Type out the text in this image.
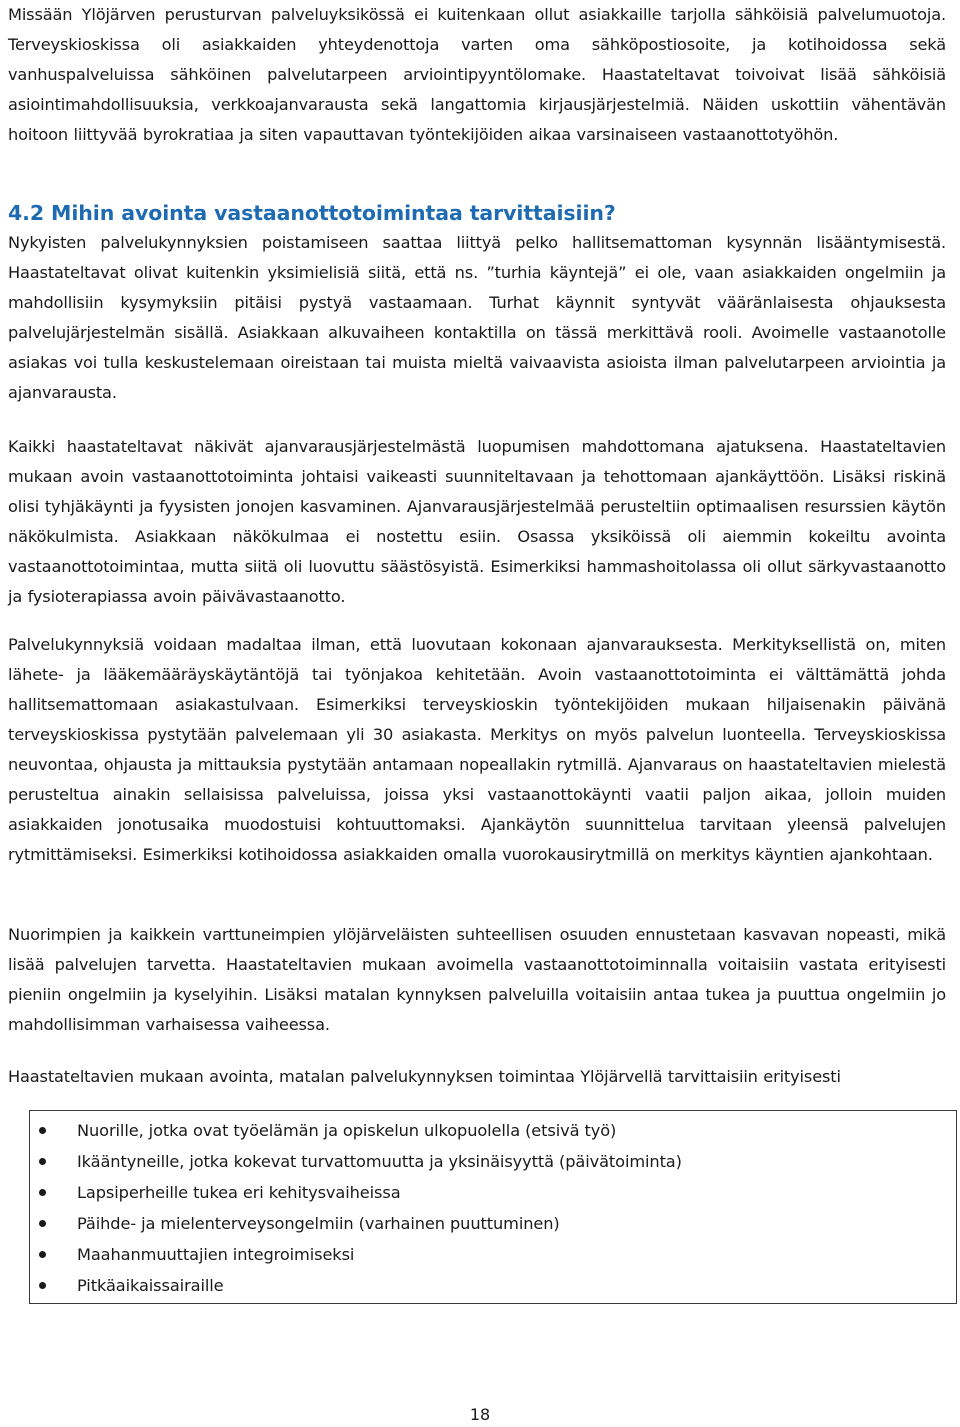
Missään Ylöjärven perusturvan palveluyksikössä ei kuitenkaan ollut asiakkaille tarjolla sähköisiä palvelumuotoja. Terveyskioskissa oli asiakkaiden yhteydenottoja varten oma sähköpostiosoite, ja kotihoidossa sekä vanhuspalveluissa sähköinen palvelutarpeen arviointipyyntölomake. Haastateltavat toivoivat lisää sähköisiä asiointimahdollisuuksia, verkkoajanvarausta sekä langattomia kirjausjärjestelmiä. Näiden uskottiin vähentävän hoitoon liittyvää byrokratiaa ja siten vapauttavan työntekijöiden aikaa varsinaiseen vastaanottotyöhön.

4.2 Mihin avointa vastaanottotoimintaa tarvittaisiin?

Nykyisten palvelukynnyksien poistamiseen saattaa liittyä pelko hallitsemattoman kysynnän lisääntymisestä. Haastateltavat olivat kuitenkin yksimielisiä siitä, että ns. ”turhia käyntejä” ei ole, vaan asiakkaiden ongelmiin ja mahdollisiin kysymyksiin pitäisi pystyä vastaamaan. Turhat käynnit syntyvät vääränlaisesta ohjauksesta palvelujärjestelmän sisällä. Asiakkaan alkuvaiheen kontaktilla on tässä merkittävä rooli. Avoimelle vastaanotolle asiakas voi tulla keskustelemaan oireistaan tai muista mieltä vaivaavista asioista ilman palvelutarpeen arviointia ja ajanvarausta.

Kaikki haastateltavat näkivät ajanvarausjärjestelmästä luopumisen mahdottomana ajatuksena. Haastateltavien mukaan avoin vastaanottotoiminta johtaisi vaikeasti suunniteltavaan ja tehottomaan ajankäyttöön. Lisäksi riskinä olisi tyhjäkäynti ja fyysisten jonojen kasvaminen. Ajanvarausjärjestelmää perusteltiin optimaalisen resurssien käytön näkökulmista. Asiakkaan näkökulmaa ei nostettu esiin. Osassa yksiköissä oli aiemmin kokeiltu avointa vastaanottotoimintaa, mutta siitä oli luovuttu säästösyistä. Esimerkiksi hammashoitolassa oli ollut särkyvastaanotto ja fysioterapiassa avoin päivävastaanotto.

Palvelukynnyksiä voidaan madaltaa ilman, että luovutaan kokonaan ajanvarauksesta. Merkityksellistä on, miten lähete- ja lääkemääräyskäytäntöjä tai työnjakoa kehitetään. Avoin vastaanottotoiminta ei välttämättä johda hallitsemattomaan asiakastulvaan. Esimerkiksi terveyskioskin työntekijöiden mukaan hiljaisenakin päivänä terveyskioskissa pystytään palvelemaan yli 30 asiakasta. Merkitys on myös palvelun luonteella. Terveyskioskissa neuvontaa, ohjausta ja mittauksia pystytään antamaan nopeallakin rytmillä. Ajanvaraus on haastateltavien mielestä perusteltua ainakin sellaisissa palveluissa, joissa yksi vastaanottokäynti vaatii paljon aikaa, jolloin muiden asiakkaiden jonotusaika muodostuisi kohtuuttomaksi. Ajankäytön suunnittelua tarvitaan yleensä palvelujen rytmittämiseksi. Esimerkiksi kotihoidossa asiakkaiden omalla vuorokausirytmillä on merkitys käyntien ajankohtaan.

Nuorimpien ja kaikkein varttuneimpien ylöjärveläisten suhteellisen osuuden ennustetaan kasvavan nopeasti, mikä lisää palvelujen tarvetta. Haastateltavien mukaan avoimella vastaanottotoiminnalla voitaisiin vastata erityisesti pieniin ongelmiin ja kyselyihin. Lisäksi matalan kynnyksen palveluilla voitaisiin antaa tukea ja puuttua ongelmiin jo mahdollisimman varhaisessa vaiheessa.

Haastateltavien mukaan avointa, matalan palvelukynnyksen toimintaa Ylöjärvellä tarvittaisiin erityisesti

Nuorille, jotka ovat työelämän ja opiskelun ulkopuolella (etsivä työ)
Ikääntyneille, jotka kokevat turvattomuutta ja yksinäisyyttä (päivätoiminta)
Lapsiperheille tukea eri kehitysvaiheissa
Päihde- ja mielenterveysongelmiin (varhainen puuttuminen)
Maahanmuuttajien integroimiseksi
Pitkäaikaissairaille

18
